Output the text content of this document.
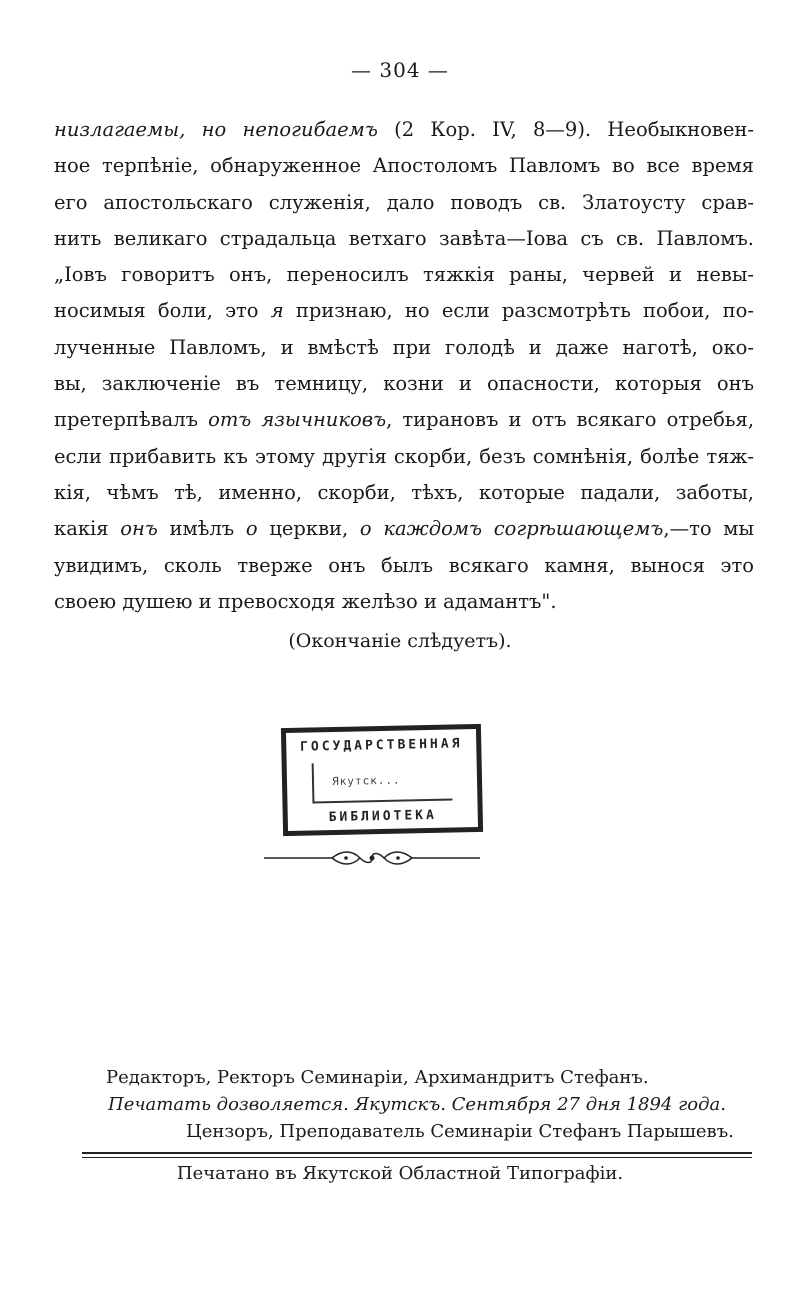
— 304 —
низлагаемы, но непогибаемъ (2 Кор. IV, 8—9). Необыкновен-
ное терпѣніе, обнаруженное Апостоломъ Павломъ во все время
его апостольскаго служенія, дало поводъ св. Златоусту срав-
нить великаго страдальца ветхаго завѣта—Іова съ св. Павломъ.
„Іовъ говоритъ онъ, переносилъ тяжкія раны, червей и невы-
носимыя боли, это я признаю, но если разсмотрѣть побои, по-
лученные Павломъ, и вмѣстѣ при голодѣ и даже наготѣ, око-
вы, заключеніе въ темницу, козни и опасности, которыя онъ
претерпѣвалъ отъ язычниковъ, тирановъ и отъ всякаго отребья,
если прибавить къ этому другія скорби, безъ сомнѣнія, болѣе тяж-
кія, чѣмъ тѣ, именно, скорби, тѣхъ, которые падали, заботы,
какія онъ имѣлъ о церкви, о каждомъ согрѣшающемъ,—то мы
увидимъ, сколь тверже онъ былъ всякаго камня, вынося это
своею душею и превосходя желѣзо и адамантъ".
(Окончаніе слѣдуетъ).
ГОСУДАРСТВЕННАЯ
Якутск...
БИБЛИОТЕКА
Редакторъ, Ректоръ Семинаріи, Архимандритъ Стефанъ.
Печатать дозволяется. Якутскъ. Сентября 27 дня 1894 года.
Цензоръ, Преподаватель Семинаріи Стефанъ Парышевъ.
Печатано въ Якутской Областной Типографіи.
